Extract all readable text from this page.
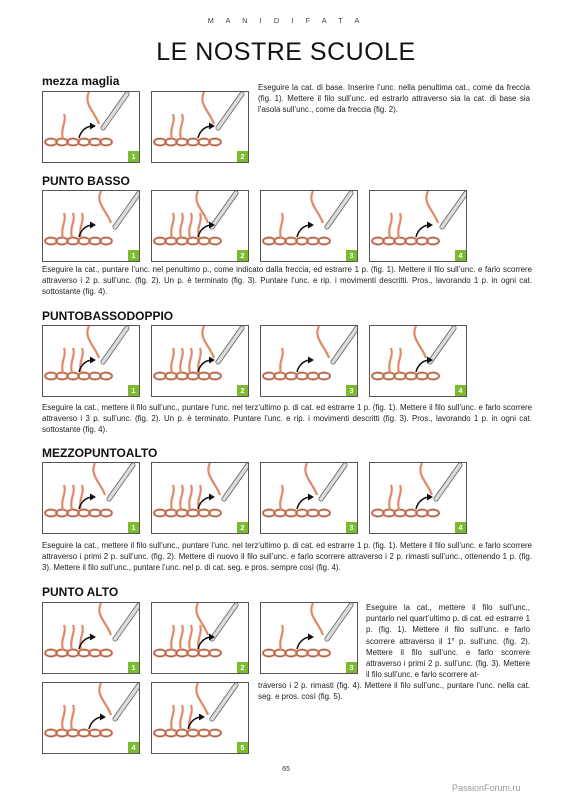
M A N I D I F A T A
LE NOSTRE SCUOLE
mezza maglia
1	2
Eseguire la cat. di base. Inserire l’unc. nella penultima cat., come da freccia (fig. 1). Mettere il filo sull’unc. ed estrarlo attraverso sia la cat. di base sia l’asola sull’unc., come da freccia (fig. 2).
PUNTO BASSO
1	2	3	4
Eseguire la cat., puntare l’unc. nel penultimo p., come indicato dalla freccia, ed estrarre 1 p. (fig. 1). Mettere il filo sull’unc. e farlo scorrere attraverso i 2 p. sull’unc. (fig. 2). Un p. è terminato (fig. 3). Puntare l’unc. e rip. i movimenti descritti. Pros., lavorando 1 p. in ogni cat. sottostante (fig. 4).
PUNTOBASSODOPPIO
1	2	3	4
Eseguire la cat., mettere il filo sull’unc., puntare l’unc. nel terz’ultimo p. di cat. ed estrarre 1 p. (fig. 1). Mettere il filo sull’unc. e farlo scorrere attraverso i 3 p. sull’unc. (fig. 2). Un p. è terminato. Puntare l’unc. e rip. i movimenti descritti (fig. 3). Pros., lavorando 1 p. in ogni cat. sottostante (fig. 4).
MEZZOPUNTOALTO
1	2	3	4
Eseguire la cat., mettere il filo sull’unc., puntare l’unc. nel terz’ultimo p. di cat. ed estrarre 1 p. (fig. 1). Mettere il filo sull’unc. e farlo scorrere attraverso i primi 2 p. sull’unc. (fig. 2). Mettere di nuovo il filo sull’unc. e farlo scorrere attraverso i 2 p. rimasti sull’unc., ottenendo 1 p. (fig. 3). Mettere il filo sull’unc., puntare l’unc. nel p. di cat. seg. e pros. sempre così (fig. 4).
PUNTO ALTO
1	2	3
4	5
Eseguire la cat., mettere il filo sull’unc., puntarlo nel quart’ultimo p. di cat. ed estrarre 1 p. (fig. 1). Mettere il filo sull’unc. e farlo scorrere attraverso il 1° p. sull’unc. (fig. 2). Mettere il filo sull’unc. e farlo scorrere attraverso i primi 2 p. sull’unc. (fig. 3). Mettere il filo sull’unc. e farlo scorrere at-
traverso i 2 p. rimasti (fig. 4). Mettere il filo sull’unc., puntare l’unc. nella cat. seg. e pros. così (fig. 5).
65
PassionForum.ru
